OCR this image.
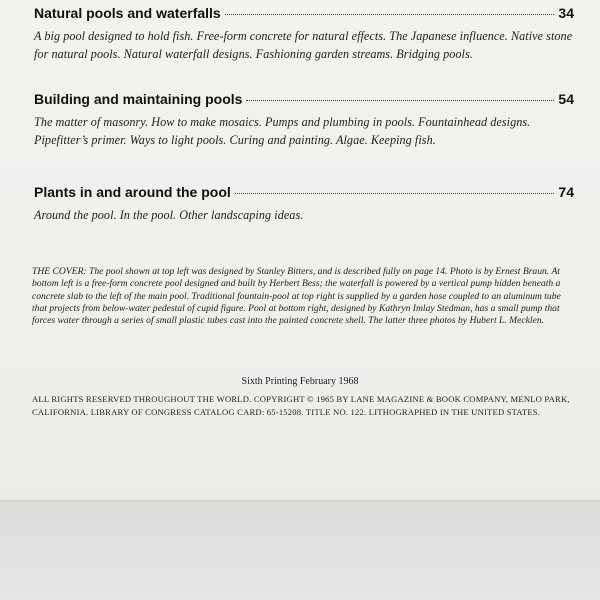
Natural pools and waterfalls	34
A big pool designed to hold fish. Free-form concrete for natural effects. The Japanese influence. Native stone for natural pools. Natural waterfall designs. Fashioning garden streams. Bridging pools.
Building and maintaining pools	54
The matter of masonry. How to make mosaics. Pumps and plumbing in pools. Fountainhead designs. Pipefitter’s primer. Ways to light pools. Curing and painting. Algae. Keeping fish.
Plants in and around the pool	74
Around the pool. In the pool. Other landscaping ideas.
THE COVER: The pool shown at top left was designed by Stanley Bitters, and is described fully on page 14. Photo is by Ernest Braun. At bottom left is a free-form concrete pool designed and built by Herbert Bess; the waterfall is powered by a vertical pump hidden beneath a concrete slab to the left of the main pool. Traditional fountain-pool at top right is supplied by a garden hose coupled to an aluminum tube that projects from below-water pedestal of cupid figure. Pool at bottom right, designed by Kathryn Imlay Stedman, has a small pump that forces water through a series of small plastic tubes cast into the painted concrete shell. The latter three photos by Hubert L. Mecklen.
Sixth Printing February 1968
ALL RIGHTS RESERVED THROUGHOUT THE WORLD. COPYRIGHT © 1965 BY LANE MAGAZINE & BOOK COMPANY, MENLO PARK, CALIFORNIA. LIBRARY OF CONGRESS CATALOG CARD: 65-15208. TITLE NO. 122. LITHOGRAPHED IN THE UNITED STATES.
